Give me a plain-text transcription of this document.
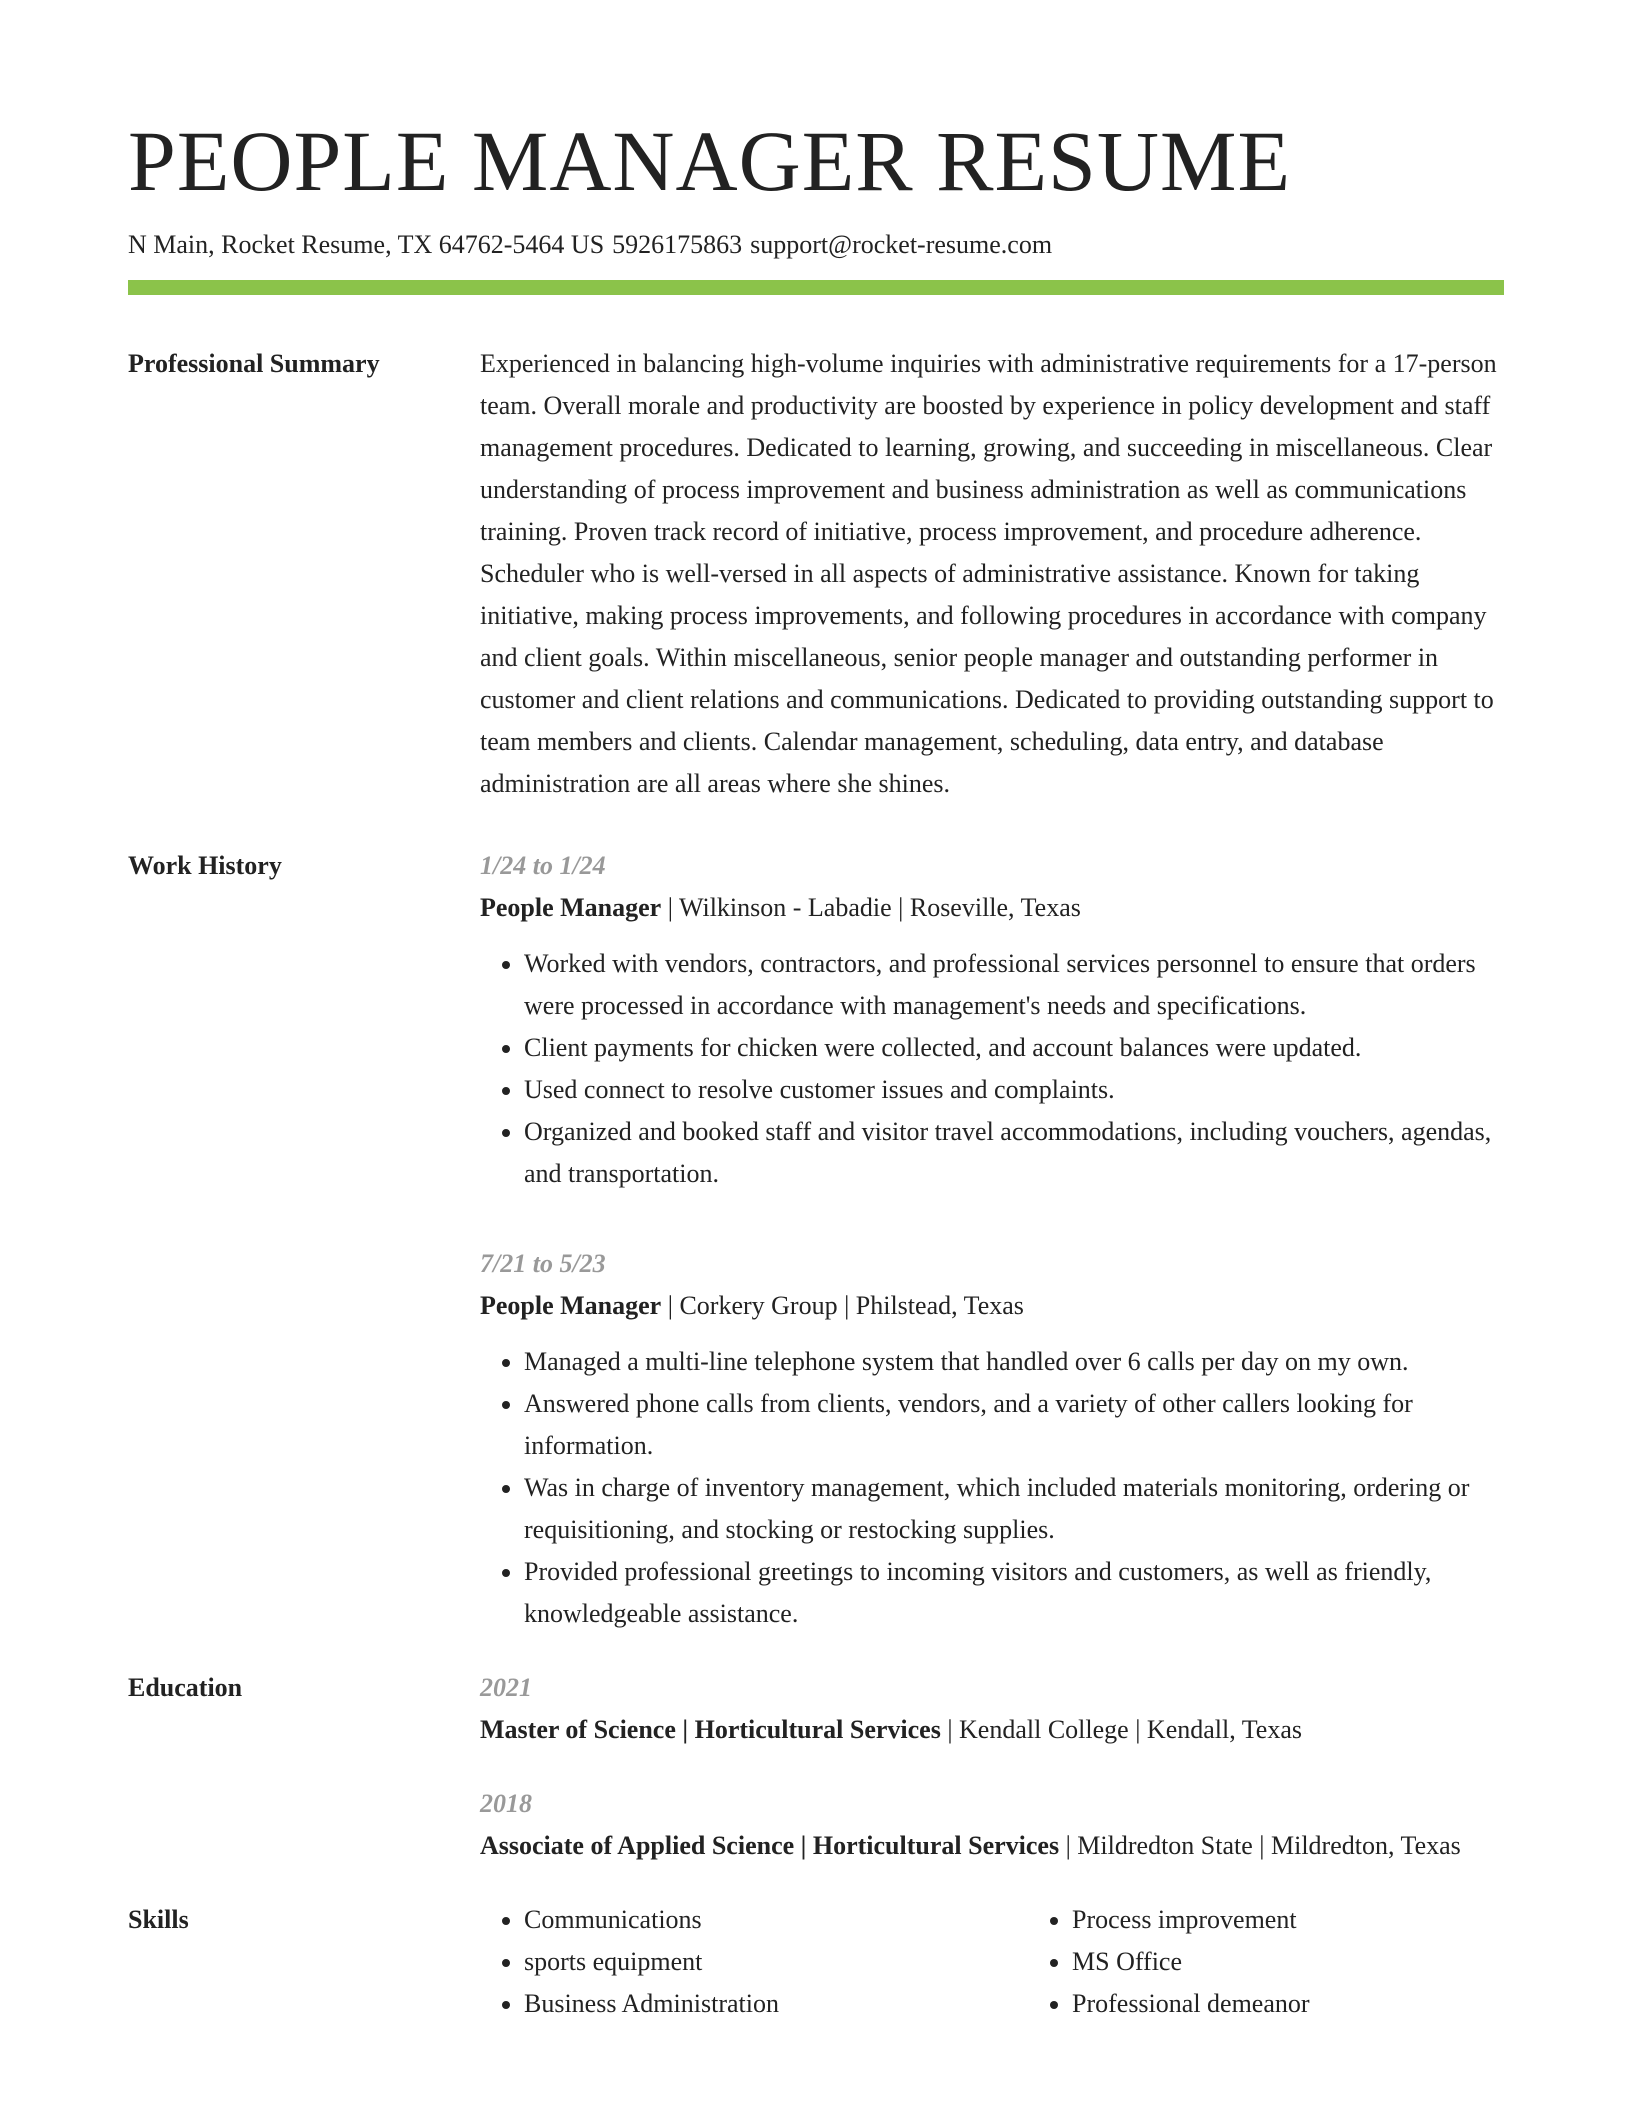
PEOPLE MANAGER RESUME
N Main, Rocket Resume, TX 64762-5464 US 5926175863 support@rocket-resume.com
Professional Summary	Experienced in balancing high-volume inquiries with administrative requirements for a 17-person team. Overall morale and productivity are boosted by experience in policy development and staff management procedures. Dedicated to learning, growing, and succeeding in miscellaneous. Clear understanding of process improvement and business administration as well as communications training. Proven track record of initiative, process improvement, and procedure adherence. Scheduler who is well-versed in all aspects of administrative assistance. Known for taking initiative, making process improvements, and following procedures in accordance with company and client goals. Within miscellaneous, senior people manager and outstanding performer in customer and client relations and communications. Dedicated to providing outstanding support to team members and clients. Calendar management, scheduling, data entry, and database administration are all areas where she shines.

Work History	1/24 to 1/24
People Manager | Wilkinson - Labadie | Roseville, Texas
• Worked with vendors, contractors, and professional services personnel to ensure that orders were processed in accordance with management's needs and specifications.
• Client payments for chicken were collected, and account balances were updated.
• Used connect to resolve customer issues and complaints.
• Organized and booked staff and visitor travel accommodations, including vouchers, agendas, and transportation.
7/21 to 5/23
People Manager | Corkery Group | Philstead, Texas
• Managed a multi-line telephone system that handled over 6 calls per day on my own.
• Answered phone calls from clients, vendors, and a variety of other callers looking for information.
• Was in charge of inventory management, which included materials monitoring, ordering or requisitioning, and stocking or restocking supplies.
• Provided professional greetings to incoming visitors and customers, as well as friendly, knowledgeable assistance.
Education	2021
Master of Science | Horticultural Services | Kendall College | Kendall, Texas
2018
Associate of Applied Science | Horticultural Services | Mildredton State | Mildredton, Texas
Skills
•	Communications
• sports equipment
• Business Administration
• Process improvement
• MS Office
• Professional demeanor
